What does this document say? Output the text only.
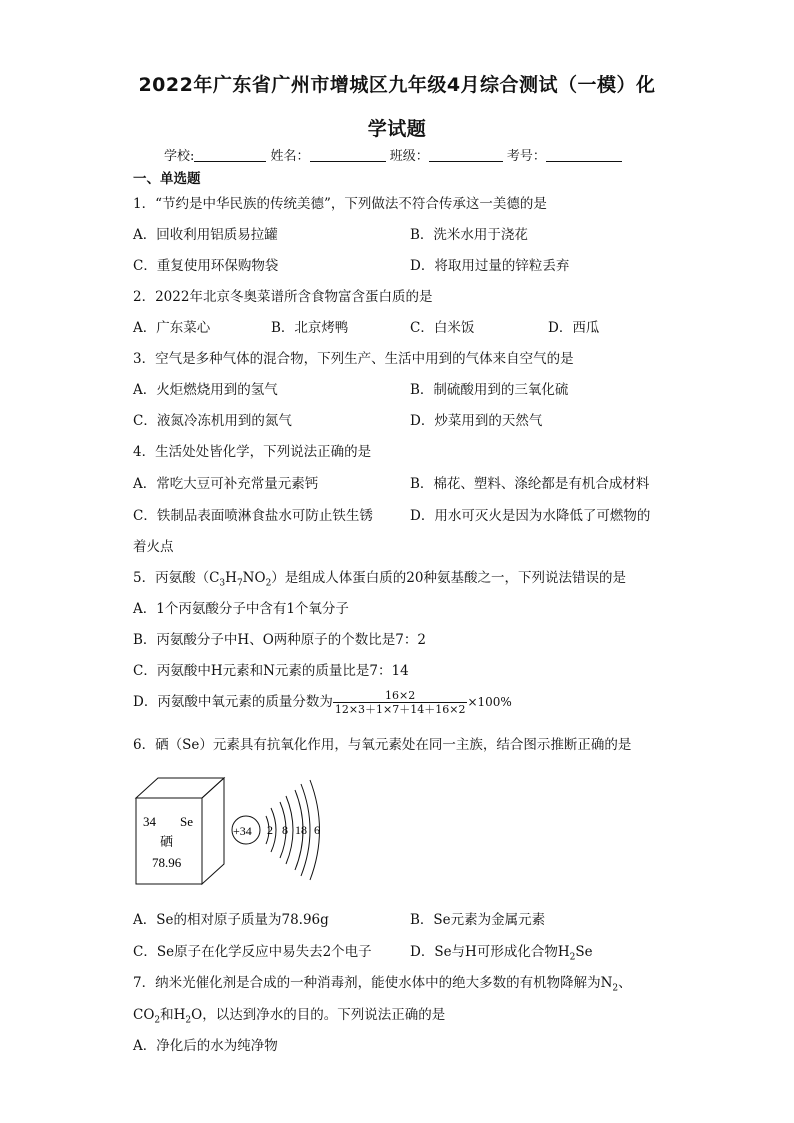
2022年广东省广州市增城区九年级4月综合测试（一模）化
学试题
学校:	姓名：	班级：	考号：
一、单选题
1．“节约是中华民族的传统美德”，下列做法不符合传承这一美德的是
A．回收利用铝质易拉罐	B．洗米水用于浇花
C．重复使用环保购物袋	D．将取用过量的锌粒丢弃
2．2022年北京冬奥菜谱所含食物富含蛋白质的是
A．广东菜心	B．北京烤鸭	C．白米饭	D．西瓜
3．空气是多种气体的混合物，下列生产、生活中用到的气体来自空气的是
A．火炬燃烧用到的氢气	B．制硫酸用到的三氧化硫
C．液氮冷冻机用到的氮气	D．炒菜用到的天然气
4．生活处处皆化学，下列说法正确的是
A．常吃大豆可补充常量元素钙	B．棉花、塑料、涤纶都是有机合成材料
C．铁制品表面喷淋食盐水可防止铁生锈	D．用水可灭火是因为水降低了可燃物的
着火点
5．丙氨酸$(C_3H_7NO_2)$是组成人体蛋白质的20种氨基酸之一，下列说法错误的是
A．1个丙氨酸分子中含有1个氧分子
B．丙氨酸分子中H、O两种原子的个数比是7：2
C．丙氨酸中H元素和N元素的质量比是7：14
D．丙氨酸中氧元素的质量分数为 $\frac{16\times 2}{12\times 3+1\times 7+14+16\times 2} \times 100\%$
6．硒（Se）元素具有抗氧化作用，与氧元素处在同一主族，结合图示推断正确的是
34 Se
硒
78.96
+34 2 8 18 6
A．Se的相对原子质量为78.96g	B．Se元素为金属元素
C．Se原子在化学反应中易失去2个电子	D．Se与H可形成化合物$H_2Se$
7．纳米光催化剂是合成的一种消毒剂，能使水体中的绝大多数的有机物降解为$N_2$、
$CO_2$和$H_2O$，以达到净水的目的。下列说法正确的是
A．净化后的水为纯净物
